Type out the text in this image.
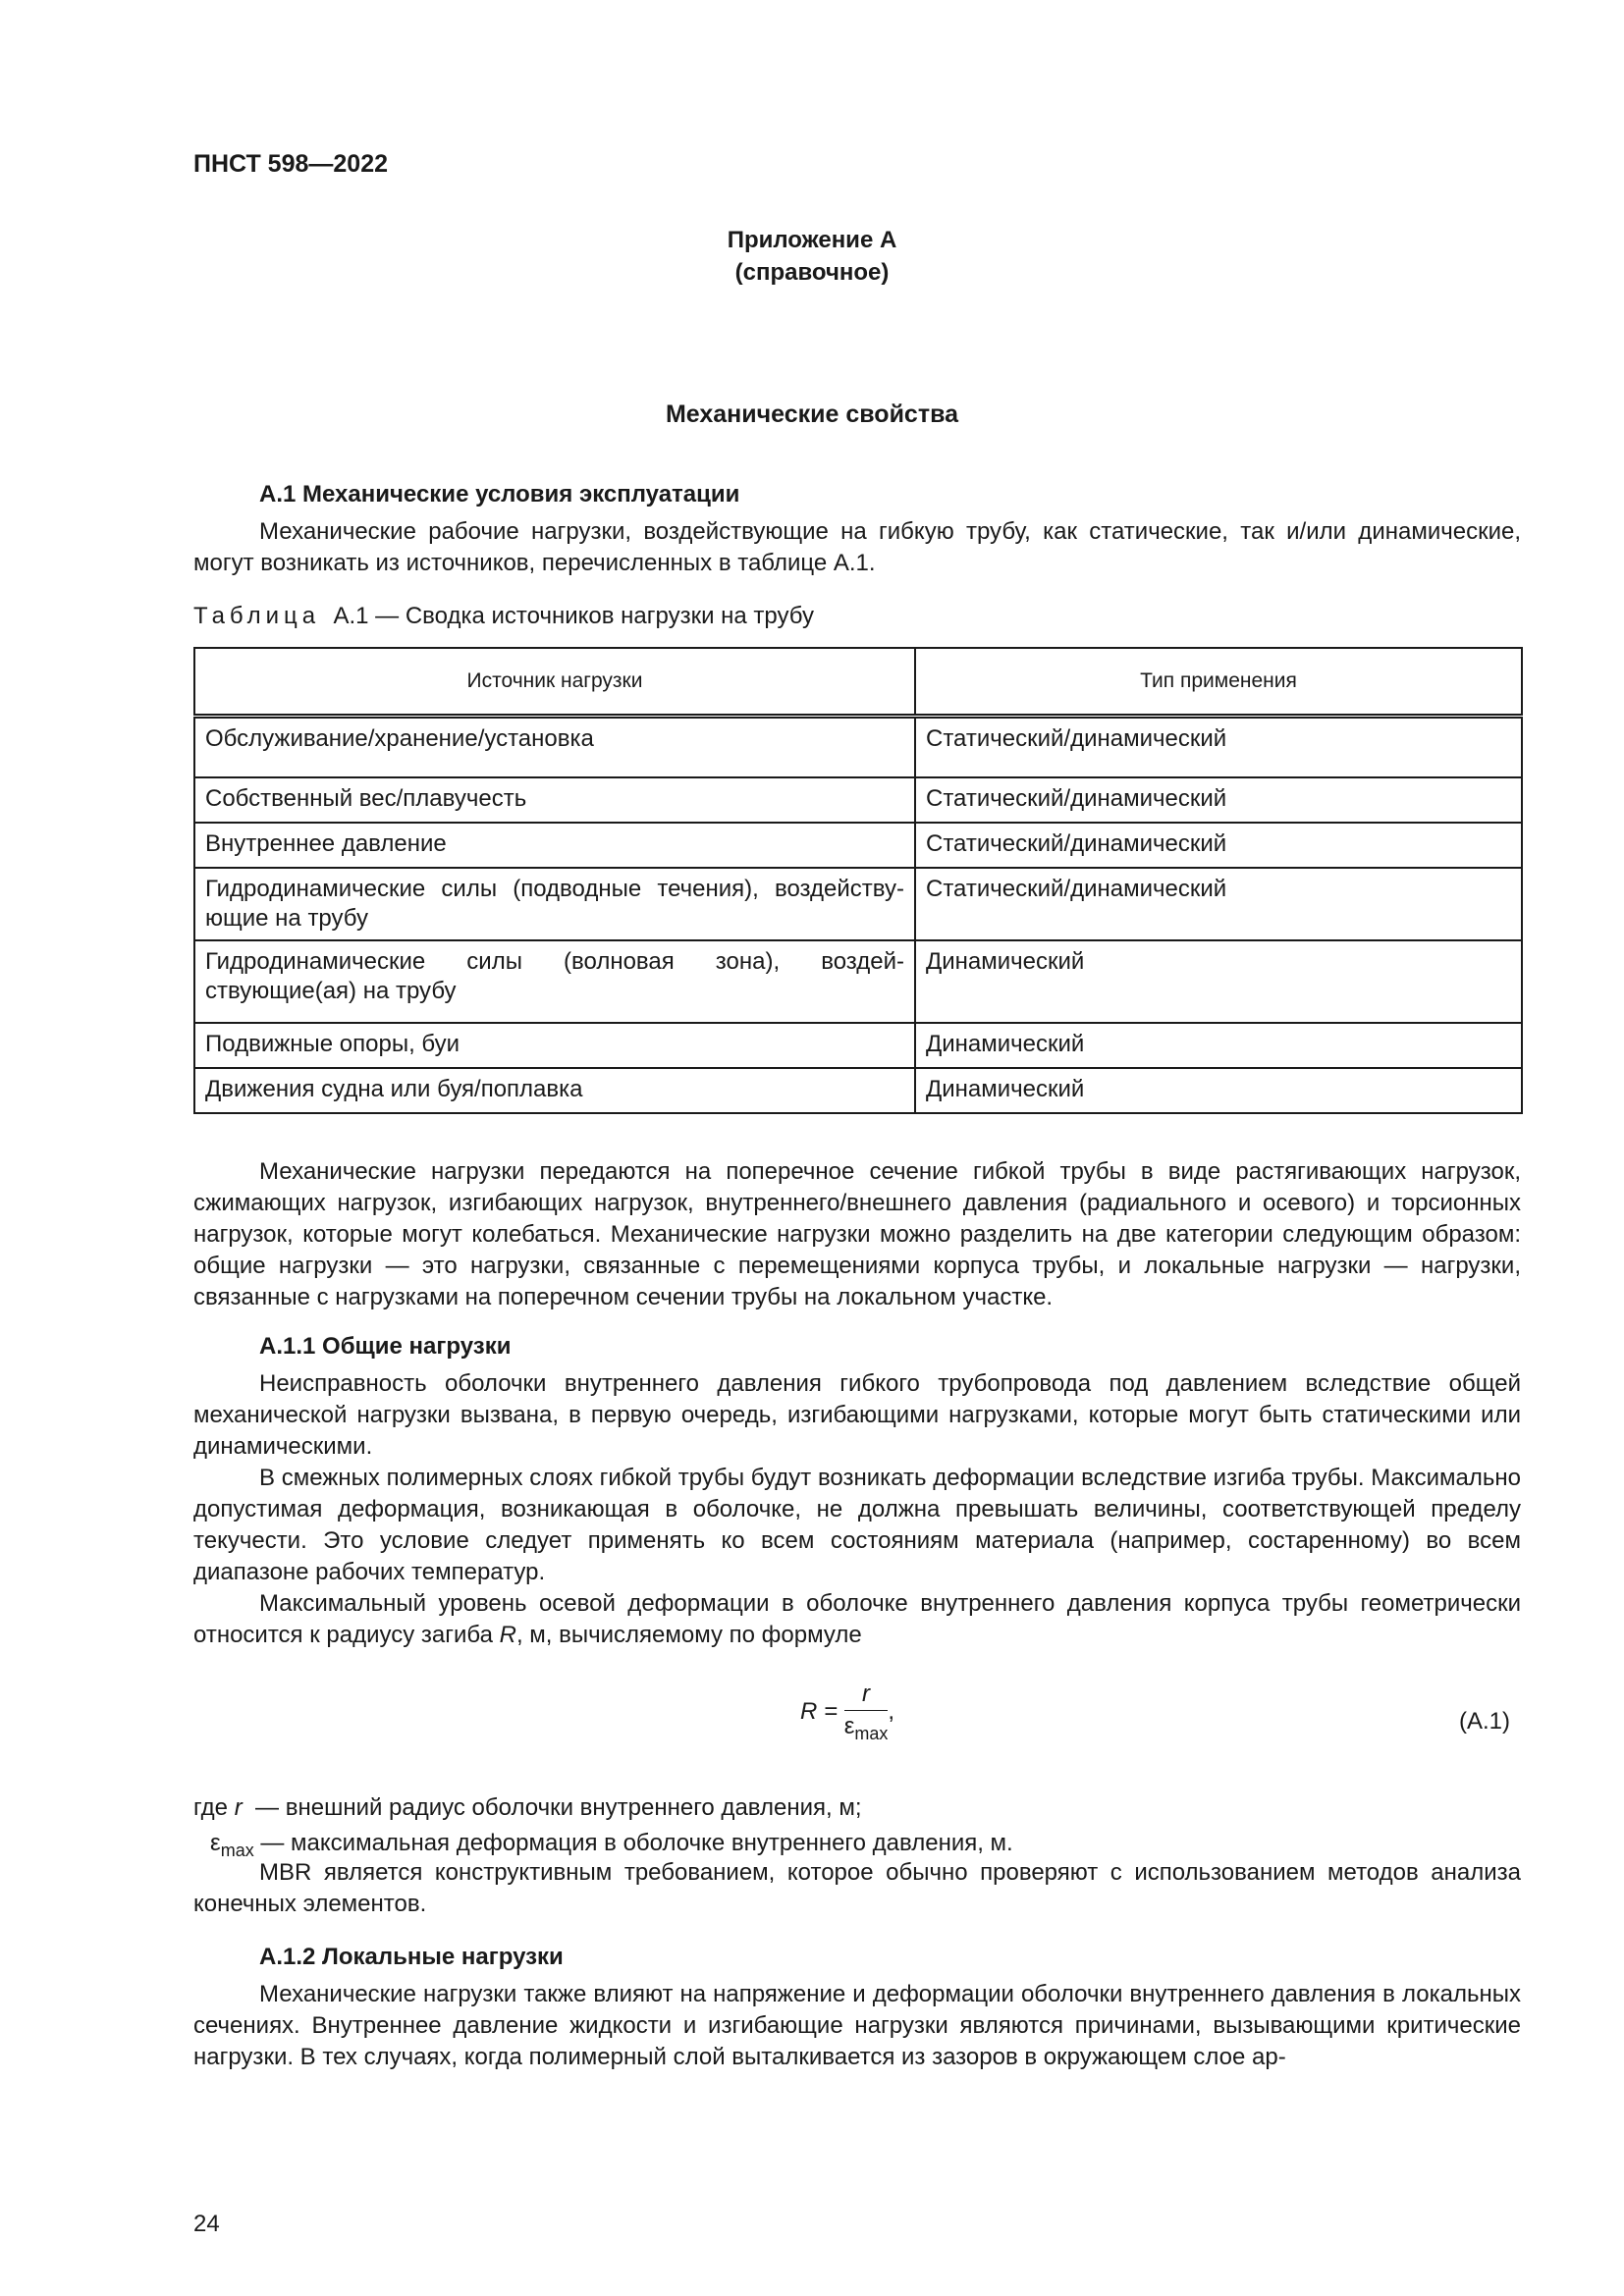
ПНСТ 598—2022
Приложение А
(справочное)
Механические свойства
А.1 Механические условия эксплуатации

Механические рабочие нагрузки, воздействующие на гибкую трубу, как статические, так и/или динамические, могут возникать из источников, перечисленных в таблице А.1.

Таблица А.1 — Сводка источников нагрузки на трубу
Источник нагрузки	Тип применения
Обслуживание/хранение/установка	Статический/динамический
Собственный вес/плавучесть	Статический/динамический
Внутреннее давление	Статический/динамический
Гидродинамические силы (подводные течения), воздейству-ющие на трубу	Статический/динамический
Гидродинамические силы (волновая зона), воздей-ствующие(ая) на трубу	Динамический
Подвижные опоры, буи	Динамический
Движения судна или буя/поплавка	Динамический

Механические нагрузки передаются на поперечное сечение гибкой трубы в виде растягивающих нагрузок, сжимающих нагрузок, изгибающих нагрузок, внутреннего/внешнего давления (радиального и осевого) и торсионных нагрузок, которые могут колебаться. Механические нагрузки можно разделить на две категории следующим образом: общие нагрузки — это нагрузки, связанные с перемещениями корпуса трубы, и локальные нагрузки — нагрузки, связанные с нагрузками на поперечном сечении трубы на локальном участке.

А.1.1 Общие нагрузки

Неисправность оболочки внутреннего давления гибкого трубопровода под давлением вследствие общей механической нагрузки вызвана, в первую очередь, изгибающими нагрузками, которые могут быть статическими или динамическими.

В смежных полимерных слоях гибкой трубы будут возникать деформации вследствие изгиба трубы. Максимально допустимая деформация, возникающая в оболочке, не должна превышать величины, соответствующей пределу текучести. Это условие следует применять ко всем состояниям материала (например, состаренному) во всем диапазоне рабочих температур.

Максимальный уровень осевой деформации в оболочке внутреннего давления корпуса трубы геометрически относится к радиусу загиба R, м, вычисляемому по формуле

$R = \frac{r}{\varepsilon_{max}}$ ,	(А.1)
где r — внешний радиус оболочки внутреннего давления, м;
$\varepsilon_{max}$ — максимальная деформация в оболочке внутреннего давления, м.

MBR является конструктивным требованием, которое обычно проверяют с использованием методов анализа конечных элементов.

А.1.2 Локальные нагрузки

Механические нагрузки также влияют на напряжение и деформации оболочки внутреннего давления в локальных сечениях. Внутреннее давление жидкости и изгибающие нагрузки являются причинами, вызывающими критические нагрузки. В тех случаях, когда полимерный слой выталкивается из зазоров в окружающем слое ар-

24
